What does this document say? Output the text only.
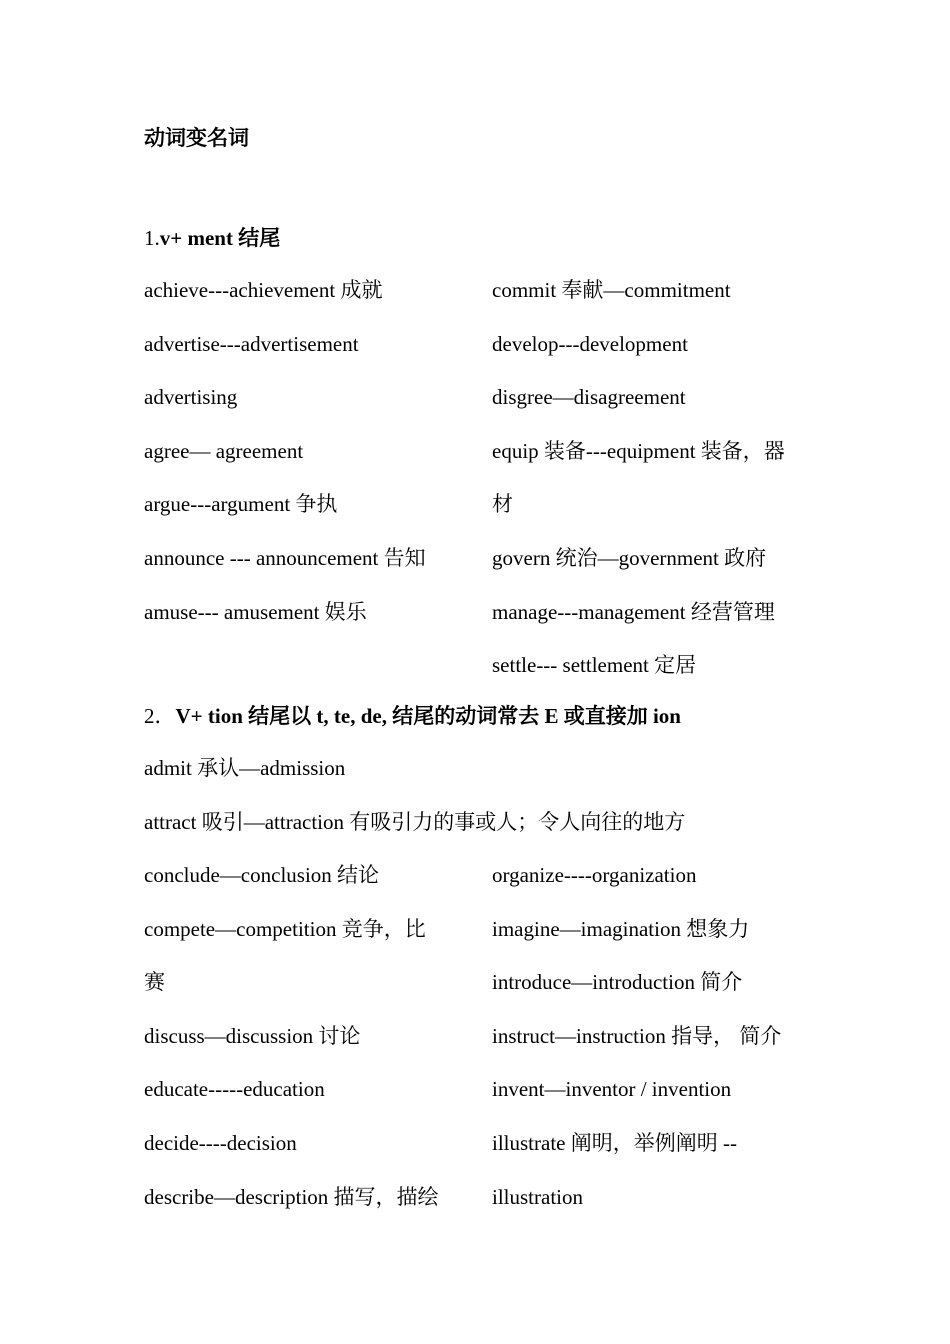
动词变名词
1.v+ ment 结尾
achieve---achievement 成就
advertise---advertisement
advertising
agree— agreement
argue---argument 争执
announce --- announcement 告知
amuse--- amusement 娱乐
commit 奉献—commitment
develop---development
disgree—disagreement
equip 装备---equipment 装备，器
材
govern 统治—government 政府
manage---management 经营管理
settle--- settlement 定居
2．V+ tion 结尾以 t, te, de, 结尾的动词常去 E 或直接加 ion
admit 承认—admission
attract 吸引—attraction 有吸引力的事或人；令人向往的地方
conclude—conclusion 结论
compete—competition 竞争，比
赛
discuss—discussion 讨论
educate-----education
decide----decision
describe—description 描写，描绘
organize----organization
imagine—imagination 想象力
introduce—introduction 简介
instruct—instruction 指导， 简介
invent—inventor / invention
illustrate 阐明，举例阐明 --
illustration
